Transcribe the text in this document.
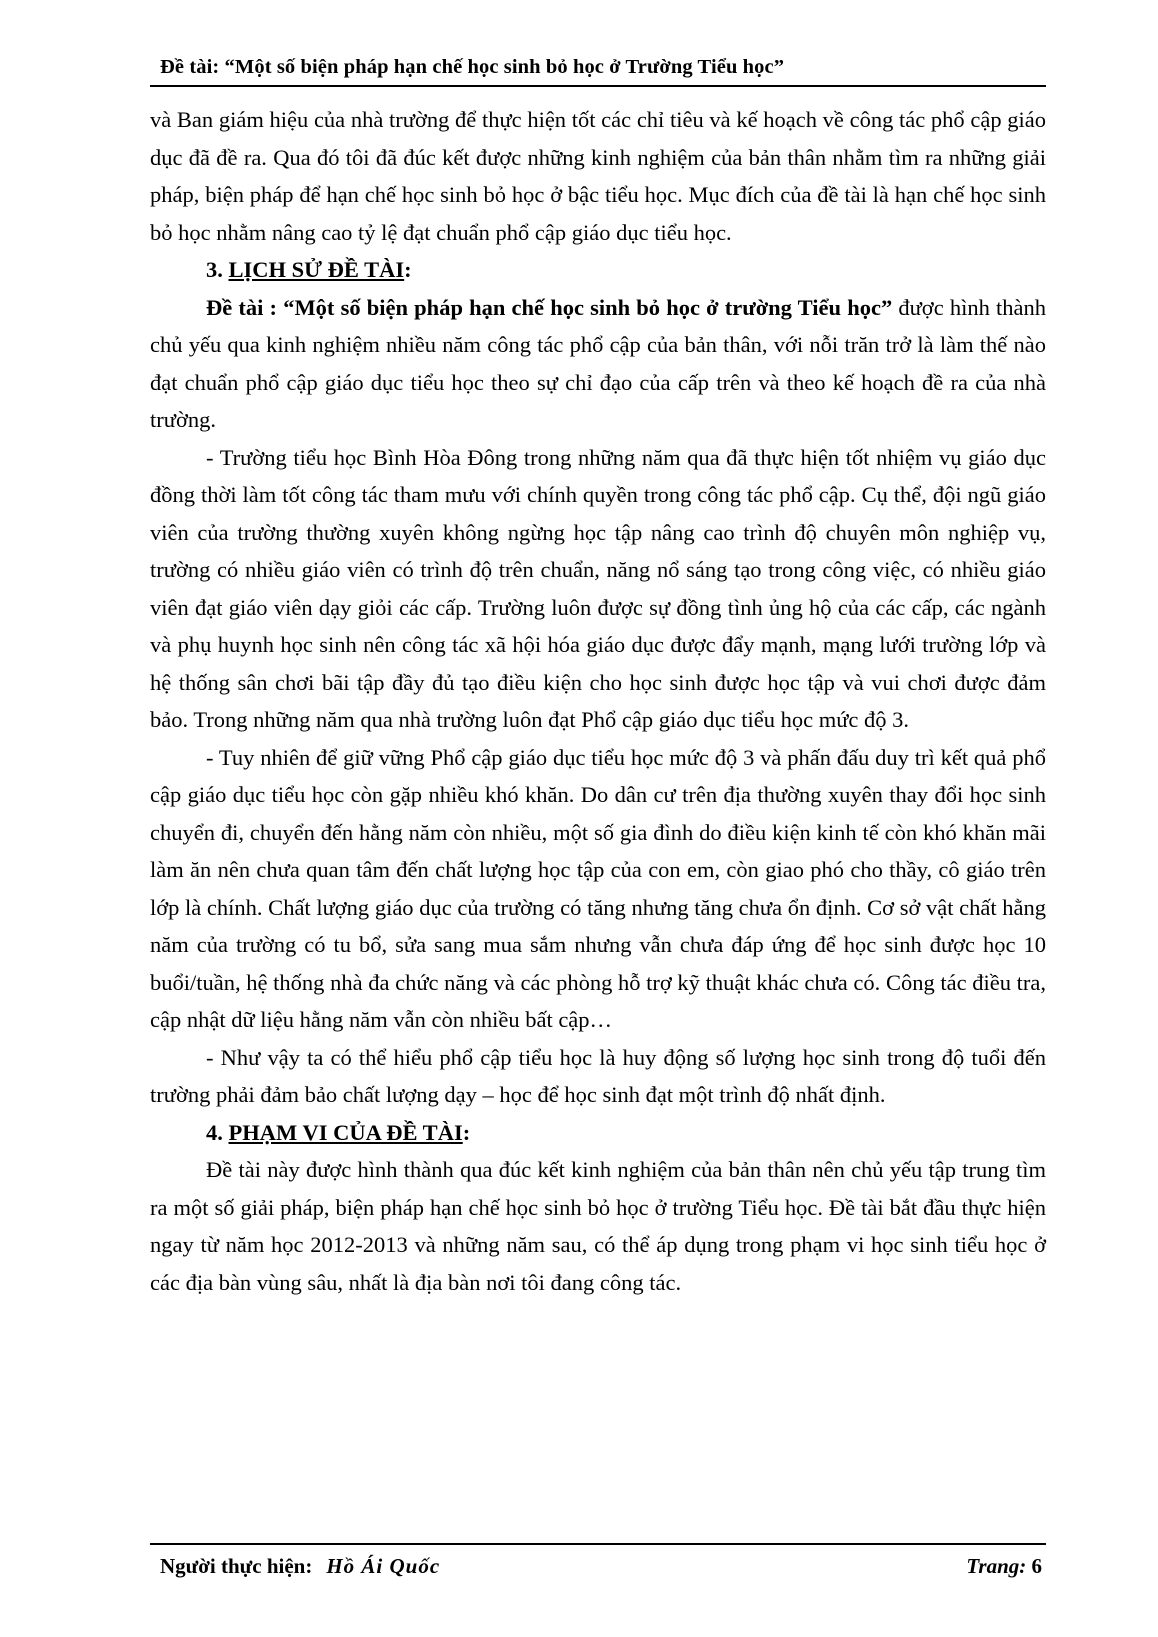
Đề tài: “Một số biện pháp hạn chế học sinh bỏ học ở Trường Tiểu học”

và Ban giám hiệu của nhà trường để thực hiện tốt các chỉ tiêu và kế hoạch về công tác phổ cập giáo dục đã đề ra. Qua đó tôi đã đúc kết được những kinh nghiệm của bản thân nhằm tìm ra những giải pháp, biện pháp để hạn chế học sinh bỏ học ở bậc tiểu học. Mục đích của đề tài là hạn chế học sinh bỏ học nhằm nâng cao tỷ lệ đạt chuẩn phổ cập giáo dục tiểu học.

3. LỊCH SỬ ĐỀ TÀI:

Đề tài : “Một số biện pháp hạn chế học sinh bỏ học ở trường Tiểu học” được hình thành chủ yếu qua kinh nghiệm nhiều năm công tác phổ cập của bản thân, với nỗi trăn trở là làm thế nào đạt chuẩn phổ cập giáo dục tiểu học theo sự chỉ đạo của cấp trên và theo kế hoạch đề ra của nhà trường.

- Trường tiểu học Bình Hòa Đông trong những năm qua đã thực hiện tốt nhiệm vụ giáo dục đồng thời làm tốt công tác tham mưu với chính quyền trong công tác phổ cập. Cụ thể, đội ngũ giáo viên của trường thường xuyên không ngừng học tập nâng cao trình độ chuyên môn nghiệp vụ, trường có nhiều giáo viên có trình độ trên chuẩn, năng nổ sáng tạo trong công việc, có nhiều giáo viên đạt giáo viên dạy giỏi các cấp. Trường luôn được sự đồng tình ủng hộ của các cấp, các ngành và phụ huynh học sinh nên công tác xã hội hóa giáo dục được đẩy mạnh, mạng lưới trường lớp và hệ thống sân chơi bãi tập đầy đủ tạo điều kiện cho học sinh được học tập và vui chơi được đảm bảo. Trong những năm qua nhà trường luôn đạt Phổ cập giáo dục tiểu học mức độ 3.

- Tuy nhiên để giữ vững Phổ cập giáo dục tiểu học mức độ 3 và phấn đấu duy trì kết quả phổ cập giáo dục tiểu học còn gặp nhiều khó khăn. Do dân cư trên địa thường xuyên thay đổi học sinh chuyển đi, chuyển đến hằng năm còn nhiều, một số gia đình do điều kiện kinh tế còn khó khăn mãi làm ăn nên chưa quan tâm đến chất lượng học tập của con em, còn giao phó cho thầy, cô giáo trên lớp là chính. Chất lượng giáo dục của trường có tăng nhưng tăng chưa ổn định. Cơ sở vật chất hằng năm của trường có tu bổ, sửa sang mua sắm nhưng vẫn chưa đáp ứng để học sinh được học 10 buổi/tuần, hệ thống nhà đa chức năng và các phòng hỗ trợ kỹ thuật khác chưa có. Công tác điều tra, cập nhật dữ liệu hằng năm vẫn còn nhiều bất cập…

- Như vậy ta có thể hiểu phổ cập tiểu học là huy động số lượng học sinh trong độ tuổi đến trường phải đảm bảo chất lượng dạy – học để học sinh đạt một trình độ nhất định.

4. PHẠM VI CỦA ĐỀ TÀI:

Đề tài này được hình thành qua đúc kết kinh nghiệm của bản thân nên chủ yếu tập trung tìm ra một số giải pháp, biện pháp hạn chế học sinh bỏ học ở trường Tiểu học. Đề tài bắt đầu thực hiện ngay từ năm học 2012-2013 và những năm sau, có thể áp dụng trong phạm vi học sinh tiểu học ở các địa bàn vùng sâu, nhất là địa bàn nơi tôi đang công tác.

Người thực hiện: Hồ Ái Quốc	Trang: 6
